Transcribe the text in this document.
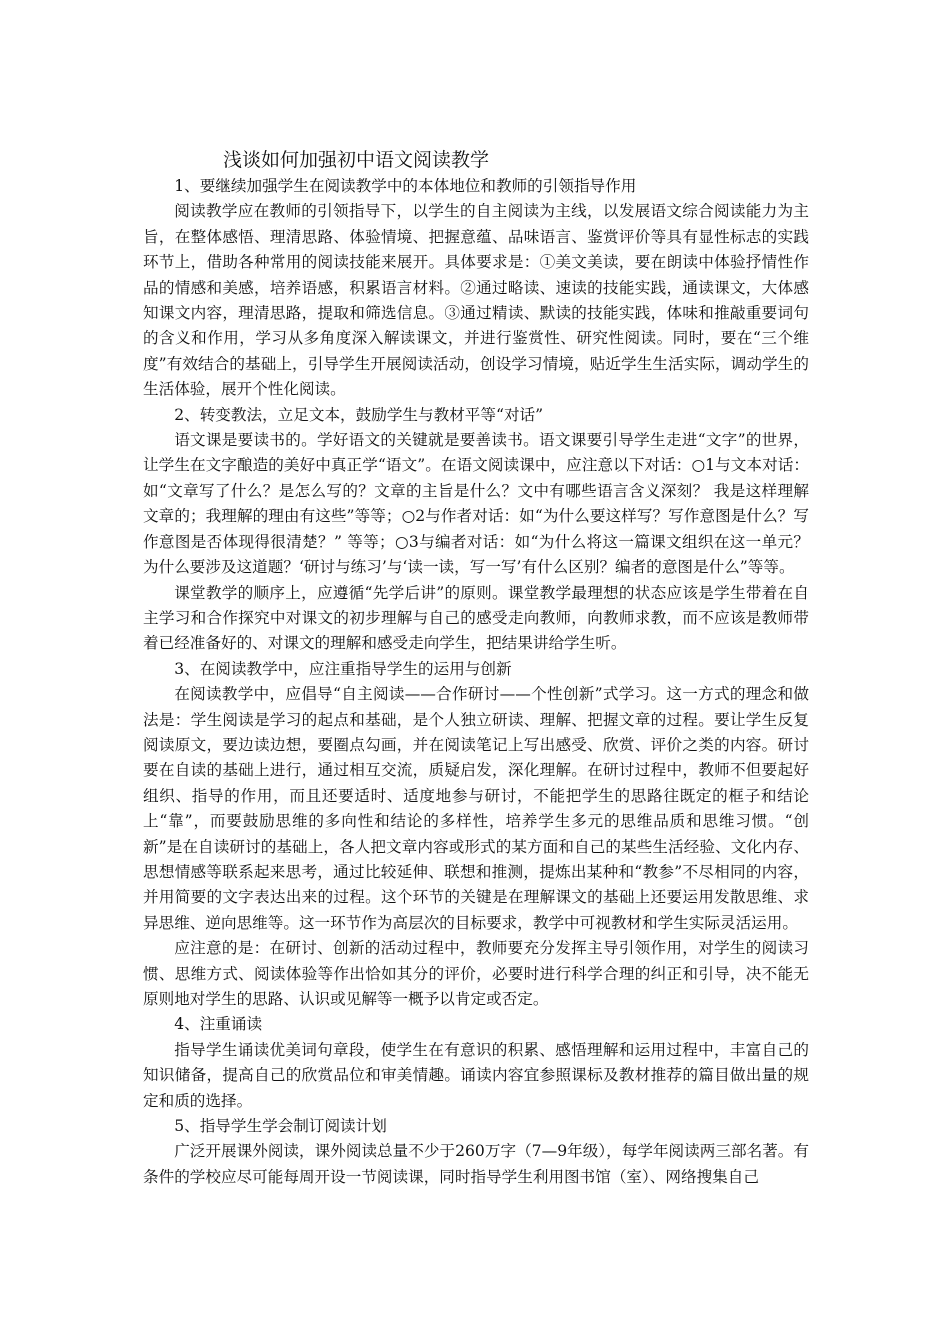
浅谈如何加强初中语文阅读教学

1、要继续加强学生在阅读教学中的本体地位和教师的引领指导作用

阅读教学应在教师的引领指导下，以学生的自主阅读为主线，以发展语文综合阅读能力为主旨，在整体感悟、理清思路、体验情境、把握意蕴、品味语言、鉴赏评价等具有显性标志的实践环节上，借助各种常用的阅读技能来展开。具体要求是：①美文美读，要在朗读中体验抒情性作品的情感和美感，培养语感，积累语言材料。②通过略读、速读的技能实践，通读课文，大体感知课文内容，理清思路，提取和筛选信息。③通过精读、默读的技能实践，体味和推敲重要词句的含义和作用，学习从多角度深入解读课文，并进行鉴赏性、研究性阅读。同时，要在“三个维度”有效结合的基础上，引导学生开展阅读活动，创设学习情境，贴近学生生活实际，调动学生的生活体验，展开个性化阅读。

2、转变教法，立足文本，鼓励学生与教材平等“对话”

语文课是要读书的。学好语文的关键就是要善读书。语文课要引导学生走进“文字”的世界，让学生在文字酿造的美好中真正学“语文”。在语文阅读课中，应注意以下对话：○1与文本对话：如“文章写了什么？是怎么写的？文章的主旨是什么？文中有哪些语言含义深刻？ 我是这样理解文章的；我理解的理由有这些”等等；○2与作者对话：如“为什么要这样写？写作意图是什么？写作意图是否体现得很清楚？” 等等；○3与编者对话：如“为什么将这一篇课文组织在这一单元？为什么要涉及这道题？‘研讨与练习’与‘读一读，写一写’有什么区别？编者的意图是什么”等等。

课堂教学的顺序上，应遵循“先学后讲”的原则。课堂教学最理想的状态应该是学生带着在自主学习和合作探究中对课文的初步理解与自己的感受走向教师，向教师求教，而不应该是教师带着已经准备好的、对课文的理解和感受走向学生，把结果讲给学生听。

3、在阅读教学中，应注重指导学生的运用与创新

在阅读教学中，应倡导“自主阅读——合作研讨——个性创新”式学习。这一方式的理念和做法是：学生阅读是学习的起点和基础，是个人独立研读、理解、把握文章的过程。要让学生反复阅读原文，要边读边想，要圈点勾画，并在阅读笔记上写出感受、欣赏、评价之类的内容。研讨要在自读的基础上进行，通过相互交流，质疑启发，深化理解。在研讨过程中，教师不但要起好组织、指导的作用，而且还要适时、适度地参与研讨，不能把学生的思路往既定的框子和结论上“靠”，而要鼓励思维的多向性和结论的多样性，培养学生多元的思维品质和思维习惯。“创新”是在自读研讨的基础上，各人把文章内容或形式的某方面和自己的某些生活经验、文化内存、思想情感等联系起来思考，通过比较延伸、联想和推测，提炼出某种和“教参”不尽相同的内容，并用简要的文字表达出来的过程。这个环节的关键是在理解课文的基础上还要运用发散思维、求异思维、逆向思维等。这一环节作为高层次的目标要求，教学中可视教材和学生实际灵活运用。

应注意的是：在研讨、创新的活动过程中，教师要充分发挥主导引领作用，对学生的阅读习惯、思维方式、阅读体验等作出恰如其分的评价，必要时进行科学合理的纠正和引导，决不能无原则地对学生的思路、认识或见解等一概予以肯定或否定。

4、注重诵读

指导学生诵读优美词句章段，使学生在有意识的积累、感悟理解和运用过程中，丰富自己的知识储备，提高自己的欣赏品位和审美情趣。诵读内容宜参照课标及教材推荐的篇目做出量的规定和质的选择。

5、指导学生学会制订阅读计划

广泛开展课外阅读，课外阅读总量不少于260万字（7—9年级），每学年阅读两三部名著。有条件的学校应尽可能每周开设一节阅读课，同时指导学生利用图书馆（室）、网络搜集自己
